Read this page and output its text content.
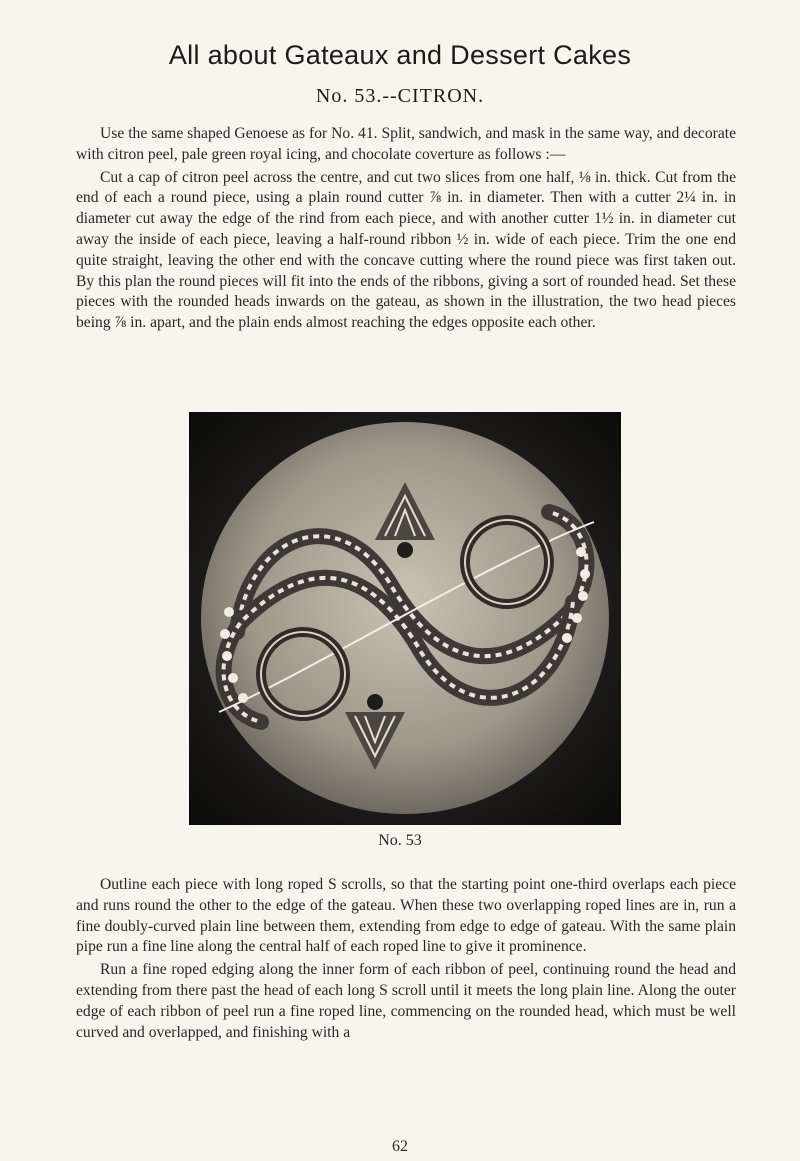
All about Gateaux and Dessert Cakes
No. 53.--CITRON.

Use the same shaped Genoese as for No. 41. Split, sandwich, and mask in the same way, and decorate with citron peel, pale green royal icing, and chocolate coverture as follows :—

Cut a cap of citron peel across the centre, and cut two slices from one half, ⅛ in. thick. Cut from the end of each a round piece, using a plain round cutter ⅞ in. in diameter. Then with a cutter 2¼ in. in diameter cut away the edge of the rind from each piece, and with another cutter 1½ in. in diameter cut away the inside of each piece, leaving a half-round ribbon ½ in. wide of each piece. Trim the one end quite straight, leaving the other end with the concave cutting where the round piece was first taken out. By this plan the round pieces will fit into the ends of the ribbons, giving a sort of rounded head. Set these pieces with the rounded heads inwards on the gateau, as shown in the illustration, the two head pieces being ⅞ in. apart, and the plain ends almost reaching the edges opposite each other.

No. 53

Outline each piece with long roped S scrolls, so that the starting point one-third overlaps each piece and runs round the other to the edge of the gateau. When these two overlapping roped lines are in, run a fine doubly-curved plain line between them, extending from edge to edge of gateau. With the same plain pipe run a fine line along the central half of each roped line to give it prominence.

Run a fine roped edging along the inner form of each ribbon of peel, continuing round the head and extending from there past the head of each long S scroll until it meets the long plain line. Along the outer edge of each ribbon of peel run a fine roped line, commencing on the rounded head, which must be well curved and overlapped, and finishing with a

62
